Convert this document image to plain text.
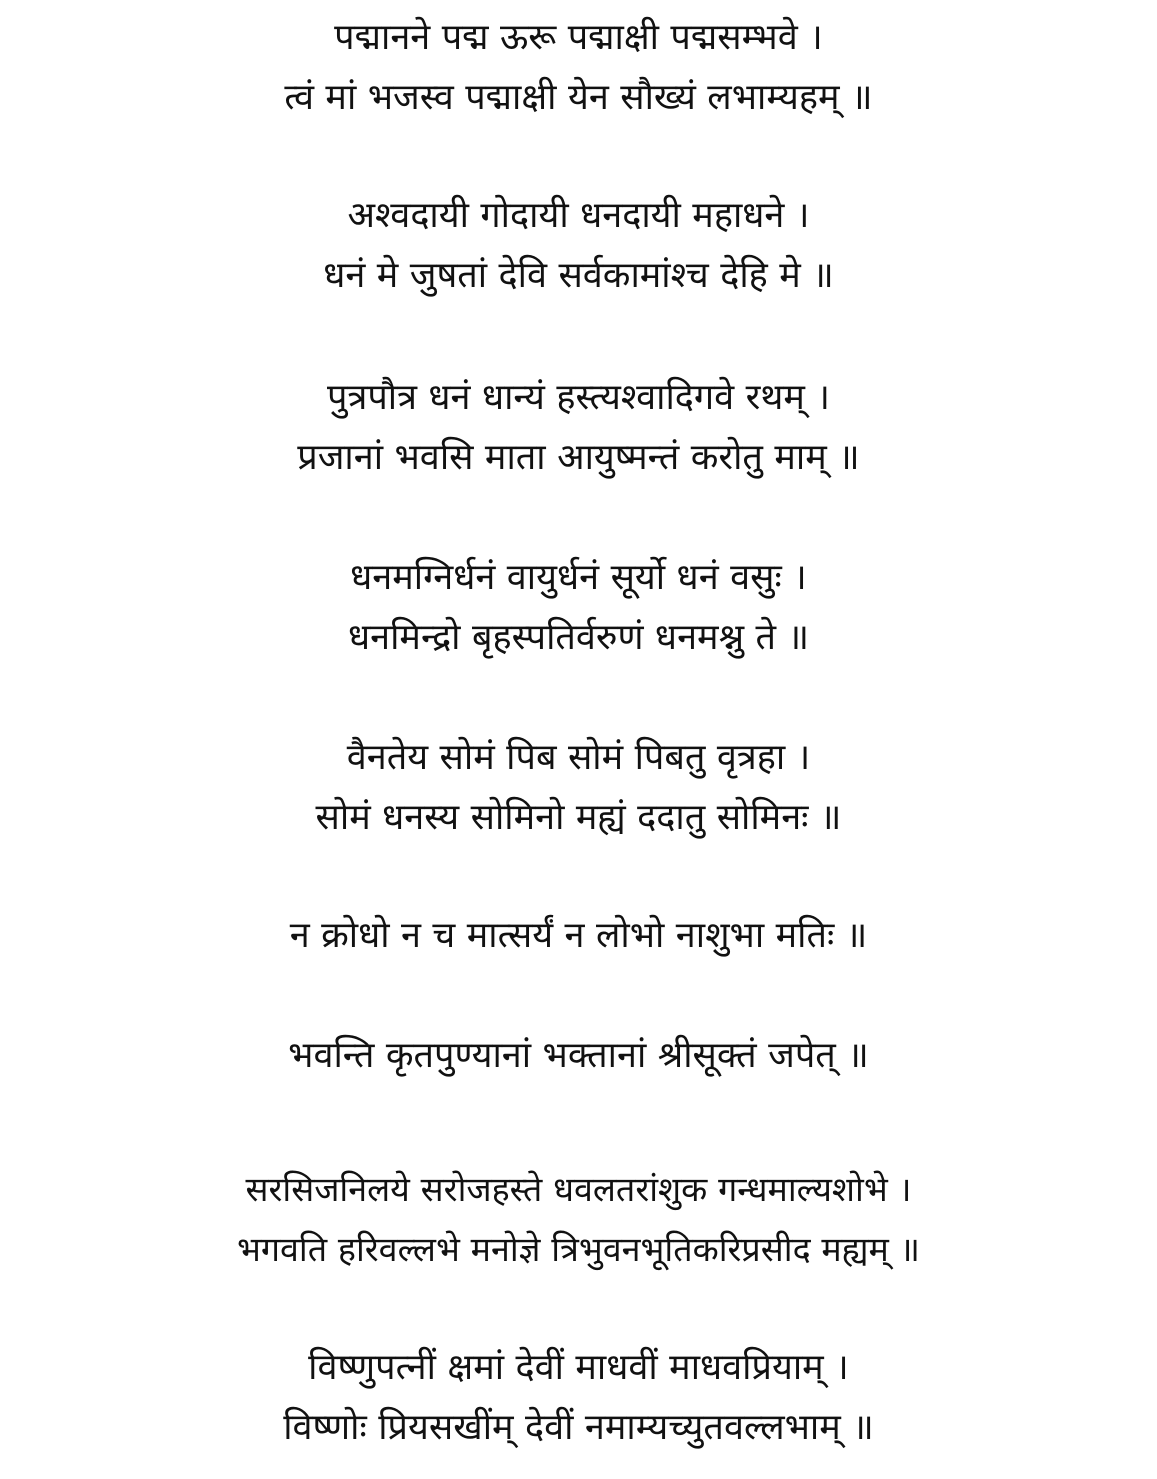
पद्मानने पद्म ऊरू पद्माक्षी पद्मसम्भवे ।
त्वं मां भजस्व पद्माक्षी येन सौख्यं लभाम्यहम् ॥
अश्वदायी गोदायी धनदायी महाधने ।
धनं मे जुषतां देवि सर्वकामांश्च देहि मे ॥
पुत्रपौत्र धनं धान्यं हस्त्यश्वादिगवे रथम् ।
प्रजानां भवसि माता आयुष्मन्तं करोतु माम् ॥
धनमग्निर्धनं वायुर्धनं सूर्यो धनं वसुः ।
धनमिन्द्रो बृहस्पतिर्वरुणं धनमश्नु ते ॥
वैनतेय सोमं पिब सोमं पिबतु वृत्रहा ।
सोमं धनस्य सोमिनो मह्यं ददातु सोमिनः ॥
न क्रोधो न च मात्सर्यं न लोभो नाशुभा मतिः ॥
भवन्ति कृतपुण्यानां भक्तानां श्रीसूक्तं जपेत् ॥
सरसिजनिलये सरोजहस्ते धवलतरांशुक गन्धमाल्यशोभे ।
भगवति हरिवल्लभे मनोज्ञे त्रिभुवनभूतिकरिप्रसीद मह्यम् ॥
विष्णुपत्नीं क्षमां देवीं माधवीं माधवप्रियाम् ।
विष्णोः प्रियसखींम् देवीं नमाम्यच्युतवल्लभाम् ॥
